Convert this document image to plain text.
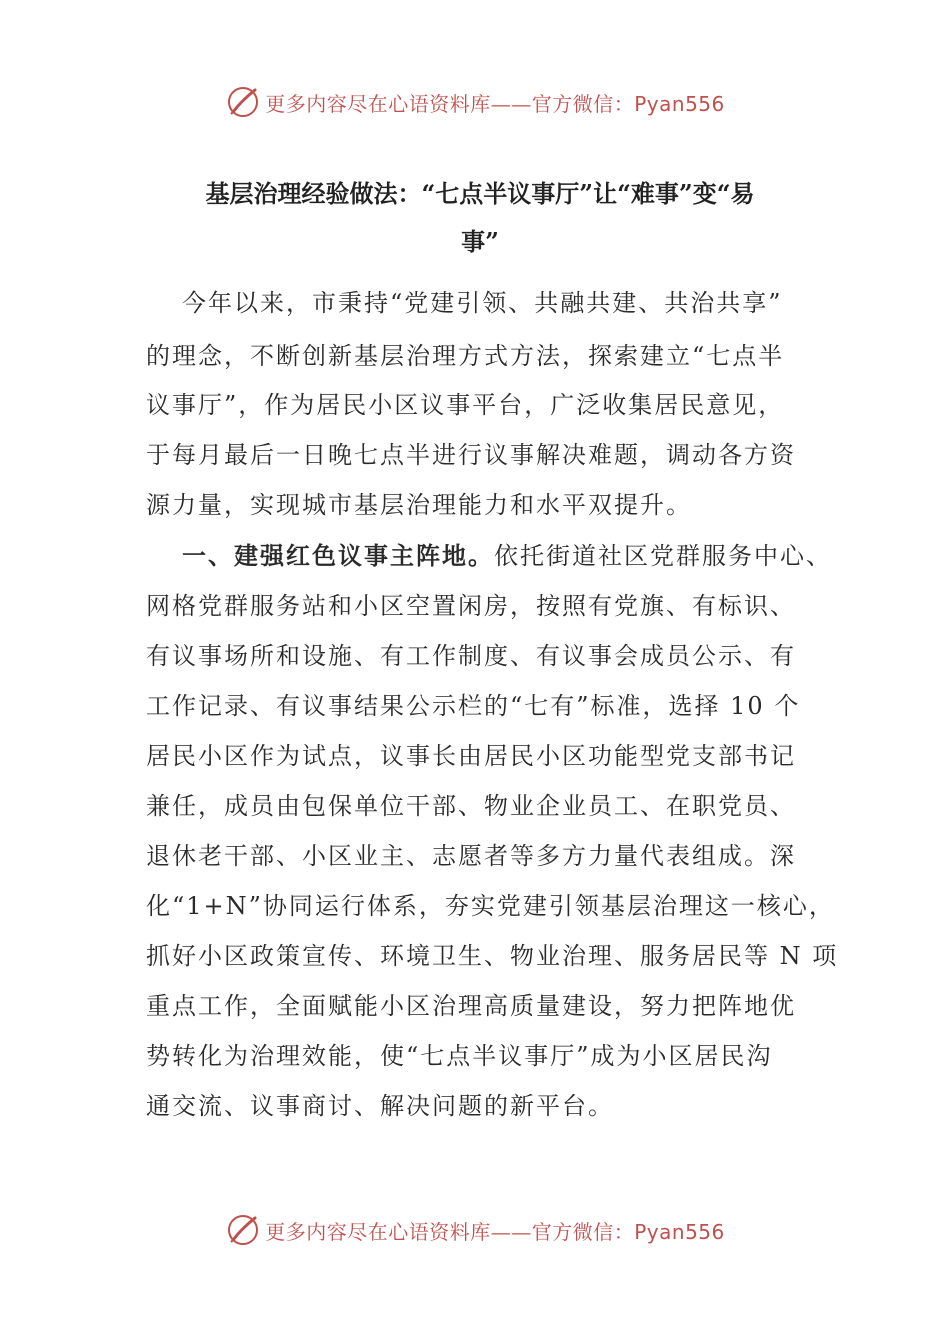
更多内容尽在心语资料库——官方微信：Pyan556
基层治理经验做法：“七点半议事厅”让“难事”变“易
事”
今年以来，市秉持“党建引领、共融共建、共治共享”
的理念，不断创新基层治理方式方法，探索建立“七点半
议事厅”，作为居民小区议事平台，广泛收集居民意见，
于每月最后一日晚七点半进行议事解决难题，调动各方资
源力量，实现城市基层治理能力和水平双提升。
一、建强红色议事主阵地。依托街道社区党群服务中心、
网格党群服务站和小区空置闲房，按照有党旗、有标识、
有议事场所和设施、有工作制度、有议事会成员公示、有
工作记录、有议事结果公示栏的“七有”标准，选择 10 个
居民小区作为试点，议事长由居民小区功能型党支部书记
兼任，成员由包保单位干部、物业企业员工、在职党员、
退休老干部、小区业主、志愿者等多方力量代表组成。深
化“1+N”协同运行体系，夯实党建引领基层治理这一核心，
抓好小区政策宣传、环境卫生、物业治理、服务居民等 N 项
重点工作，全面赋能小区治理高质量建设，努力把阵地优
势转化为治理效能，使“七点半议事厅”成为小区居民沟
通交流、议事商讨、解决问题的新平台。
更多内容尽在心语资料库——官方微信：Pyan556
